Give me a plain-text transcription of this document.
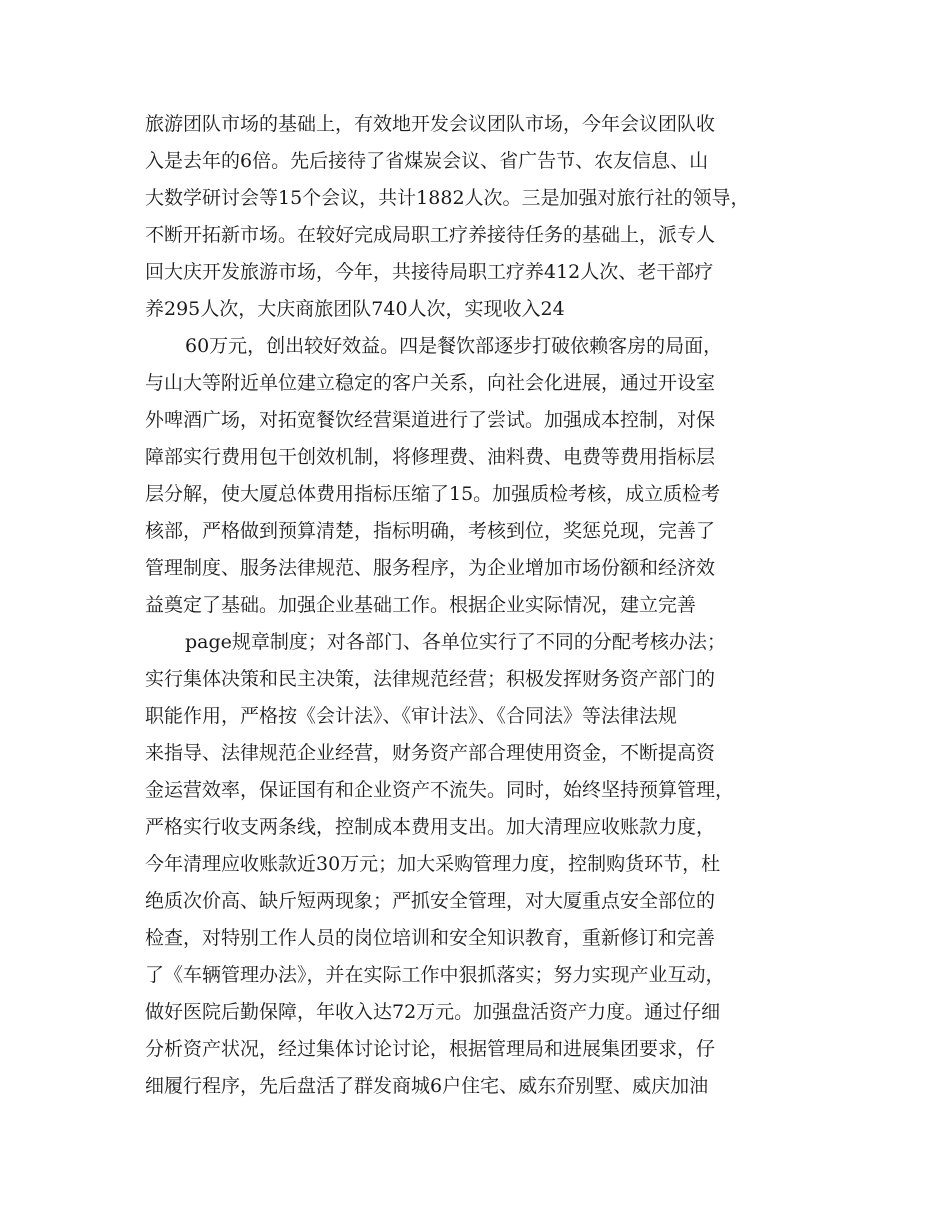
旅游团队市场的基础上，有效地开发会议团队市场，今年会议团队收
入是去年的6倍。先后接待了省煤炭会议、省广告节、农友信息、山
大数学研讨会等15个会议，共计1882人次。三是加强对旅行社的领导，
不断开拓新市场。在较好完成局职工疗养接待任务的基础上，派专人
回大庆开发旅游市场，今年，共接待局职工疗养412人次、老干部疗
养295人次，大庆商旅团队740人次，实现收入24
60万元，创出较好效益。四是餐饮部逐步打破依赖客房的局面，
与山大等附近单位建立稳定的客户关系，向社会化进展，通过开设室
外啤酒广场，对拓宽餐饮经营渠道进行了尝试。加强成本控制，对保
障部实行费用包干创效机制，将修理费、油料费、电费等费用指标层
层分解，使大厦总体费用指标压缩了15。加强质检考核，成立质检考
核部，严格做到预算清楚，指标明确，考核到位，奖惩兑现，完善了
管理制度、服务法律规范、服务程序，为企业增加市场份额和经济效
益奠定了基础。加强企业基础工作。根据企业实际情况，建立完善
page规章制度；对各部门、各单位实行了不同的分配考核办法；
实行集体决策和民主决策，法律规范经营；积极发挥财务资产部门的
职能作用，严格按《会计法》、《审计法》、《合同法》等法律法规
来指导、法律规范企业经营，财务资产部合理使用资金，不断提高资
金运营效率，保证国有和企业资产不流失。同时，始终坚持预算管理，
严格实行收支两条线，控制成本费用支出。加大清理应收账款力度，
今年清理应收账款近30万元；加大采购管理力度，控制购货环节，杜
绝质次价高、缺斤短两现象；严抓安全管理，对大厦重点安全部位的
检查，对特别工作人员的岗位培训和安全知识教育，重新修订和完善
了《车辆管理办法》，并在实际工作中狠抓落实；努力实现产业互动，
做好医院后勤保障，年收入达72万元。加强盘活资产力度。通过仔细
分析资产状况，经过集体讨论讨论，根据管理局和进展集团要求，仔
细履行程序，先后盘活了群发商城6户住宅、威东夼别墅、威庆加油
